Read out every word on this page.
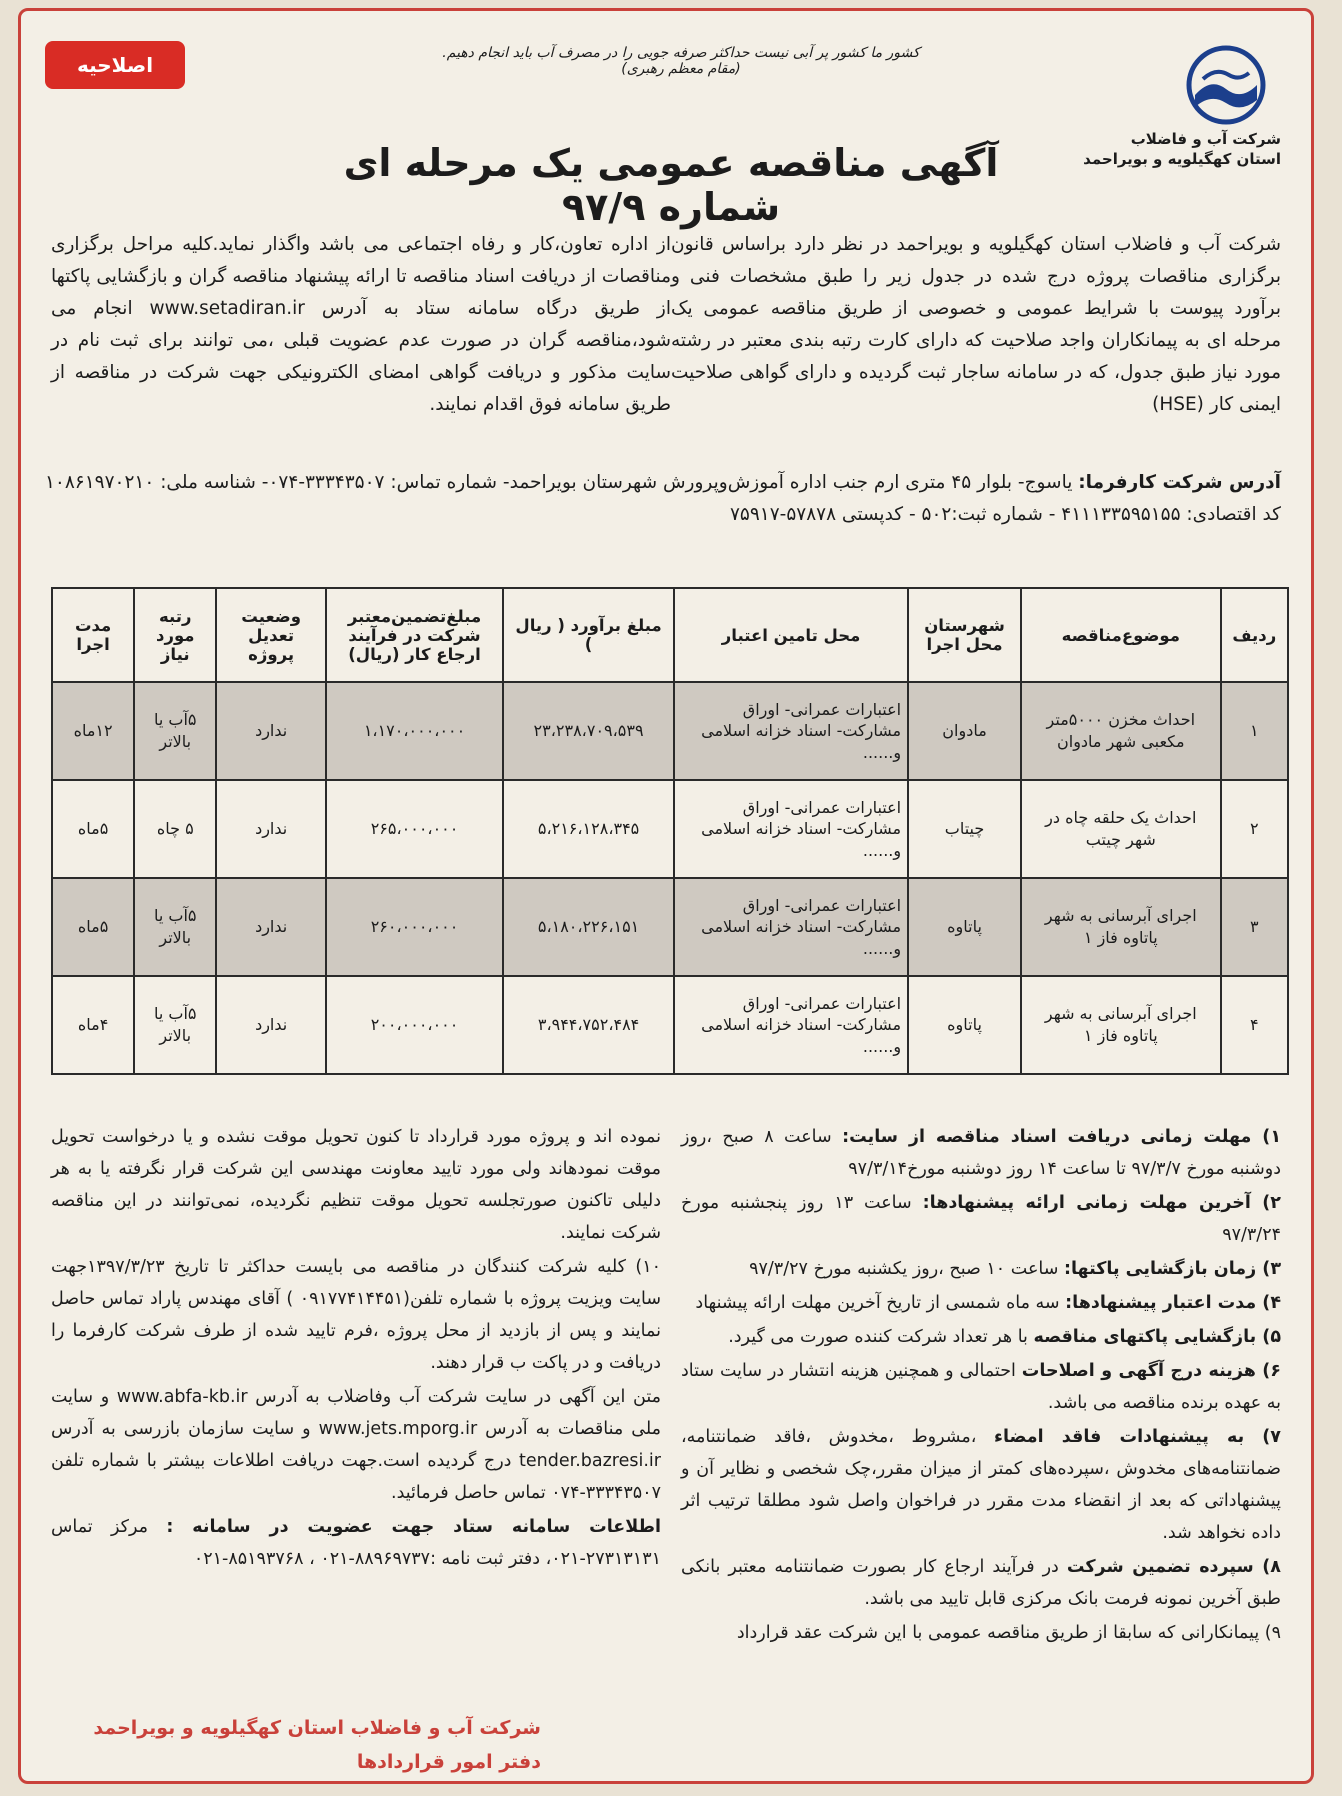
اصلاحیه	کشور ما کشور پر آبی نیست حداکثر صرفه جویی را در مصرف آب باید انجام دهیم. (مقام معظم رهبری)
شرکت آب و فاضلاب
استان کهگیلویه و بویراحمد
آگهی مناقصه عمومی یک مرحله ای شماره ۹۷/۹
شرکت آب و فاضلاب استان کهگیلویه و بویراحمد در نظر دارد براساس قانون برگزاری مناقصات پروژه درج شده در جدول زیر را طبق مشخصات فنی و برآورد پیوست با شرایط عمومی و خصوصی از طریق مناقصه عمومی یک مرحله ای به پیمانکاران واجد صلاحیت که دارای کارت رتبه بندی معتبر در رشته مورد نیاز طبق جدول، که در سامانه ساجار ثبت گردیده و دارای گواهی صلاحیت ایمنی کار (HSE)
از اداره تعاون،کار و رفاه اجتماعی می باشد واگذار نماید.کلیه مراحل برگزاری مناقصات از دریافت اسناد مناقصه تا ارائه پیشنهاد مناقصه گران و بازگشایی پاکتها از طریق درگاه سامانه ستاد به آدرس www.setadiran.ir انجام می شود،مناقصه گران در صورت عدم عضویت قبلی ،می توانند برای ثبت نام در سایت مذکور و دریافت گواهی امضای الکترونیکی جهت شرکت در مناقصه از طریق سامانه فوق اقدام نمایند.
آدرس شرکت کارفرما: یاسوج- بلوار ۴۵ متری ارم جنب اداره آموزش‌وپرورش شهرستان بویراحمد- شماره تماس: ۳۳۳۴۳۵۰۷-۰۷۴- شناسه ملی: ۱۰۸۶۱۹۷۰۲۱۰ کد اقتصادی: ۴۱۱۱۳۳۵۹۵۱۵۵ - شماره ثبت:۵۰۲ - کدپستی ۵۷۸۷۸-۷۵۹۱۷
ردیف	موضوع‌مناقصه	شهرستان محل اجرا	محل تامین اعتبار	مبلغ برآورد ( ریال )	مبلغ‌تضمین‌معتبر شرکت در فرآیند ارجاع کار (ریال)	وضعیت تعدیل پروژه	رتبه مورد نیاز	مدت اجرا
۱	احداث مخزن ۵۰۰۰متر مکعبی شهر مادوان	مادوان	اعتبارات عمرانی- اوراق مشارکت- اسناد خزانه اسلامی و......	۲۳،۲۳۸،۷۰۹،۵۳۹	۱،۱۷۰،۰۰۰،۰۰۰	ندارد	۵آب یا بالاتر	۱۲ماه
۲	احداث یک حلقه چاه در شهر چیتب	چیتاب	اعتبارات عمرانی- اوراق مشارکت- اسناد خزانه اسلامی و......	۵،۲۱۶،۱۲۸،۳۴۵	۲۶۵،۰۰۰،۰۰۰	ندارد	۵ چاه	۵ماه
۳	اجرای آبرسانی به شهر پاتاوه فاز ۱	پاتاوه	اعتبارات عمرانی- اوراق مشارکت- اسناد خزانه اسلامی و......	۵،۱۸۰،۲۲۶،۱۵۱	۲۶۰،۰۰۰،۰۰۰	ندارد	۵آب یا بالاتر	۵ماه
۴	اجرای آبرسانی به شهر پاتاوه فاز ۱	پاتاوه	اعتبارات عمرانی- اوراق مشارکت- اسناد خزانه اسلامی و......	۳،۹۴۴،۷۵۲،۴۸۴	۲۰۰،۰۰۰،۰۰۰	ندارد	۵آب یا بالاتر	۴ماه

۱) مهلت زمانی دریافت اسناد مناقصه از سایت: ساعت ۸ صبح ،روز دوشنبه مورخ ۹۷/۳/۷ تا ساعت ۱۴ روز دوشنبه مورخ۹۷/۳/۱۴

۲) آخرین مهلت زمانی ارائه پیشنهادها: ساعت ۱۳ روز پنجشنبه مورخ ۹۷/۳/۲۴

۳) زمان بازگشایی پاکتها: ساعت ۱۰ صبح ،روز یکشنبه مورخ ۹۷/۳/۲۷

۴) مدت اعتبار پیشنهادها: سه ماه شمسی از تاریخ آخرین مهلت ارائه پیشنهاد

۵) بازگشایی پاکتهای مناقصه با هر تعداد شرکت کننده صورت می گیرد.

۶) هزینه درج آگهی و اصلاحات احتمالی و همچنین هزینه انتشار در سایت ستاد به عهده برنده مناقصه می باشد.

۷) به پیشنهادات فاقد امضاء ،مشروط ،مخدوش ،فاقد ضمانتنامه، ضمانتنامه‌های مخدوش ،سپرده‌های کمتر از میزان مقرر،چک شخصی و نظایر آن و پیشنهاداتی که بعد از انقضاء مدت مقرر در فراخوان واصل شود مطلقا ترتیب اثر داده نخواهد شد.

۸) سپرده تضمین شرکت در فرآیند ارجاع کار بصورت ضمانتنامه معتبر بانکی طبق آخرین نمونه فرمت بانک مرکزی قابل تایید می باشد.

۹) پیمانکارانی که سابقا از طریق مناقصه عمومی با این شرکت عقد قرارداد

نموده اند و پروژه مورد قرارداد تا کنون تحویل موقت نشده و یا درخواست تحویل موقت نمودهاند ولی مورد تایید معاونت مهندسی این شرکت قرار نگرفته یا به هر دلیلی تاکنون صورتجلسه تحویل موقت تنظیم نگردیده، نمی‌توانند در این مناقصه شرکت نمایند.

۱۰) کلیه شرکت کنندگان در مناقصه می بایست حداکثر تا تاریخ ۱۳۹۷/۳/۲۳جهت سایت ویزیت پروژه با شماره تلفن(۰۹۱۷۷۴۱۴۴۵۱ ) آقای مهندس پاراد تماس حاصل نمایند و پس از بازدید از محل پروژه ،فرم تایید شده از طرف شرکت کارفرما را دریافت و در پاکت ب قرار دهند.

متن این آگهی در سایت شرکت آب وفاضلاب به آدرس www.abfa-kb.ir و سایت ملی مناقصات به آدرس www.jets.mporg.ir و سایت سازمان بازرسی به آدرس tender.bazresi.ir درج گردیده است.جهت دریافت اطلاعات بیشتر با شماره تلفن ۳۳۳۴۳۵۰۷-۰۷۴ تماس حاصل فرمائید.

اطلاعات سامانه ستاد جهت عضویت در سامانه : مرکز تماس ۲۷۳۱۳۱۳۱-۰۲۱، دفتر ثبت نامه :۸۸۹۶۹۷۳۷-۰۲۱ ، ۸۵۱۹۳۷۶۸-۰۲۱

شرکت آب و فاضلاب استان کهگیلویه و بویراحمد
دفتر امور قراردادها
